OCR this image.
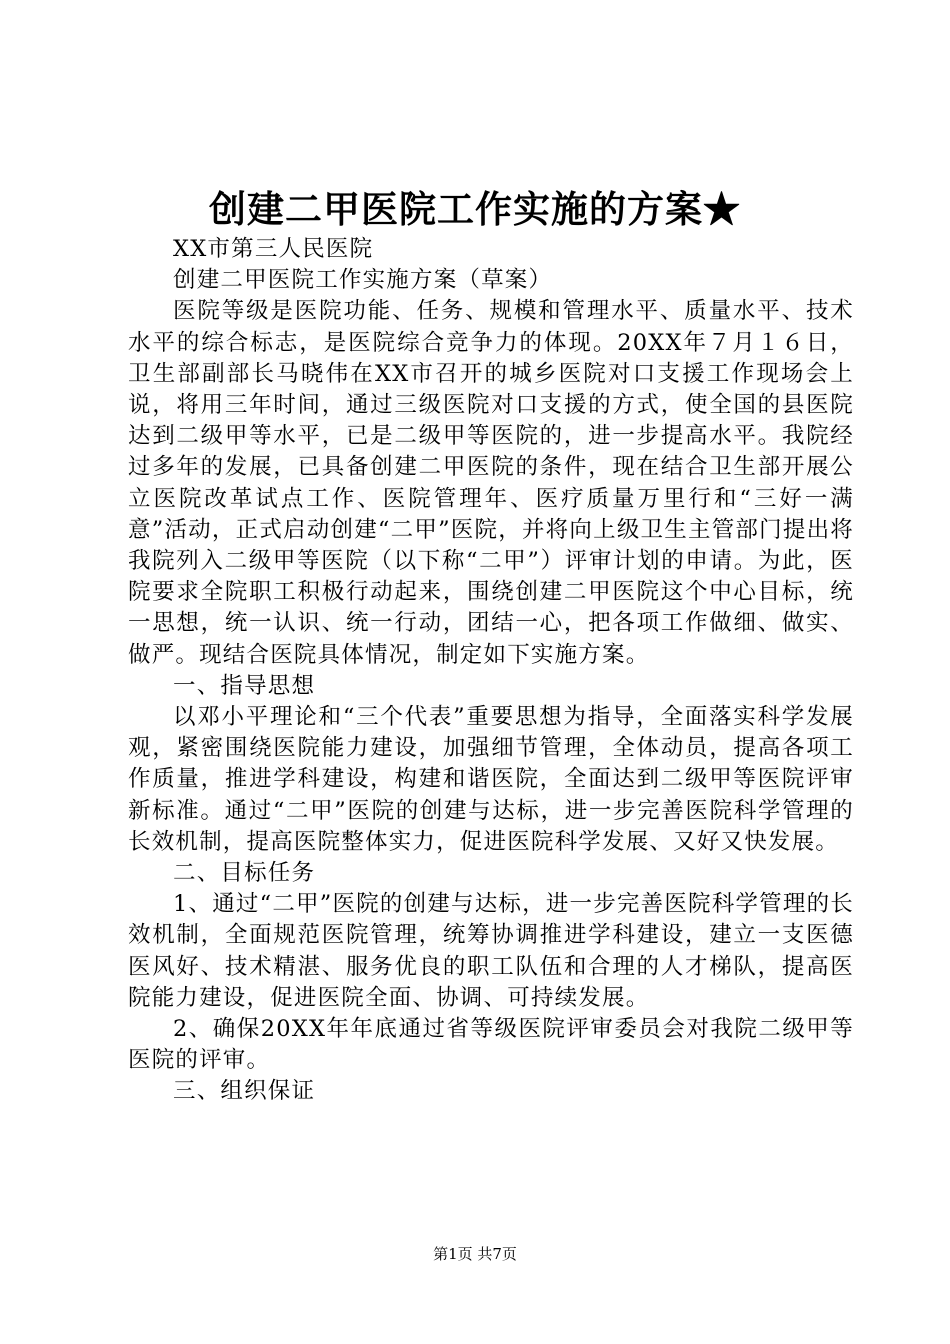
创建二甲医院工作实施的方案★

XX市第三人民医院

创建二甲医院工作实施方案（草案）

医院等级是医院功能、任务、规模和管理水平、质量水平、技术水平的综合标志，是医院综合竞争力的体现。20XX年７月１６日，卫生部副部长马晓伟在XX市召开的城乡医院对口支援工作现场会上说，将用三年时间，通过三级医院对口支援的方式，使全国的县医院达到二级甲等水平，已是二级甲等医院的，进一步提高水平。我院经过多年的发展，已具备创建二甲医院的条件，现在结合卫生部开展公立医院改革试点工作、医院管理年、医疗质量万里行和“三好一满意”活动，正式启动创建“二甲”医院，并将向上级卫生主管部门提出将我院列入二级甲等医院（以下称“二甲”）评审计划的申请。为此，医院要求全院职工积极行动起来，围绕创建二甲医院这个中心目标，统一思想，统一认识、统一行动，团结一心，把各项工作做细、做实、做严。现结合医院具体情况，制定如下实施方案。

一、指导思想

以邓小平理论和“三个代表”重要思想为指导，全面落实科学发展观，紧密围绕医院能力建设，加强细节管理，全体动员，提高各项工作质量，推进学科建设，构建和谐医院，全面达到二级甲等医院评审新标准。通过“二甲”医院的创建与达标，进一步完善医院科学管理的长效机制，提高医院整体实力，促进医院科学发展、又好又快发展。

二、目标任务

1、通过“二甲”医院的创建与达标，进一步完善医院科学管理的长效机制，全面规范医院管理，统筹协调推进学科建设，建立一支医德医风好、技术精湛、服务优良的职工队伍和合理的人才梯队，提高医院能力建设，促进医院全面、协调、可持续发展。

2、确保20XX年年底通过省等级医院评审委员会对我院二级甲等医院的评审。

三、组织保证

第1页 共7页
